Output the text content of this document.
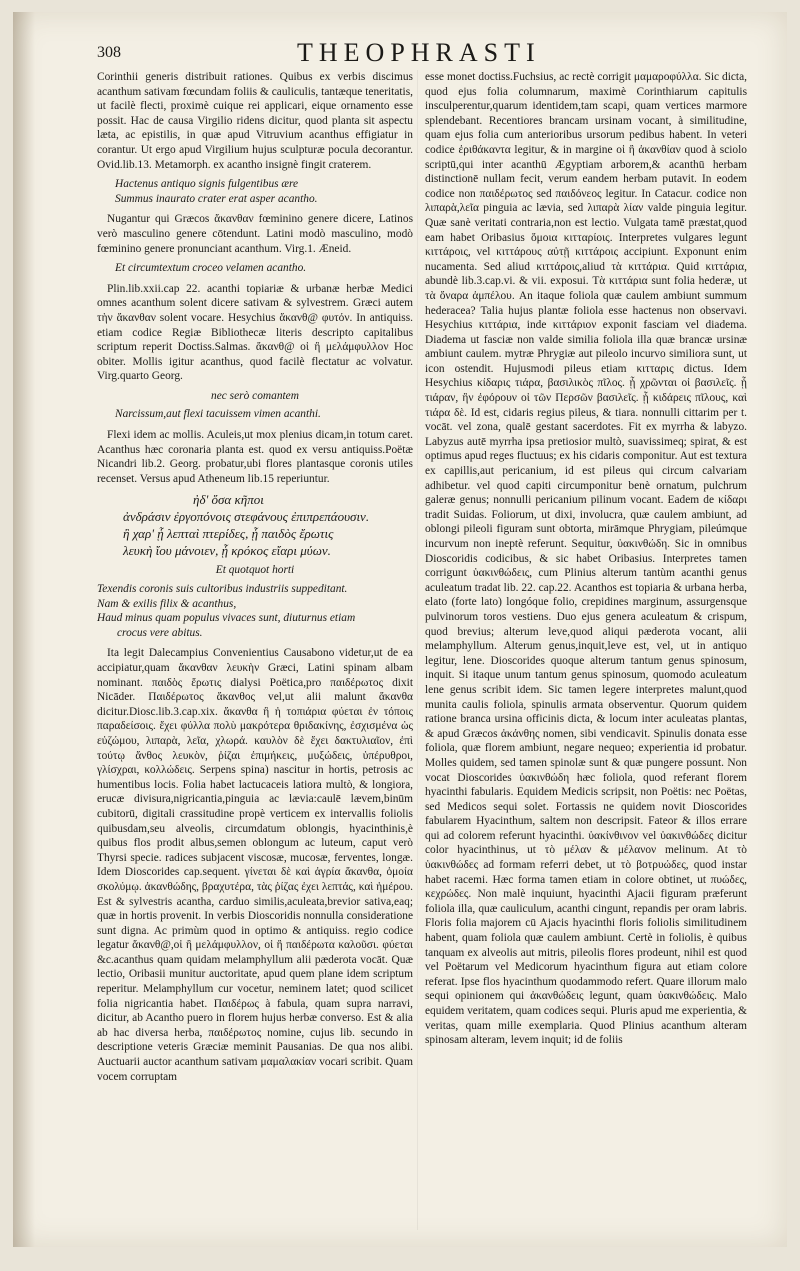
308	THEOPHRASTI

Corinthii generis distribuit rationes. Quibus ex verbis discimus acanthum sativam fœcundam foliis & cauliculis, tantæque teneritatis, ut facilè flecti, proximè cuique rei applicari, eique ornamento esse possit. Hac de causa Virgilio ridens dicitur, quod planta sit aspectu læta, ac epistilis, in quæ apud Vitruvium acanthus effigiatur in corantur. Ut ergo apud Virgilium hujus sculpturæ pocula decorantur. Ovid.lib.13. Metamorph. ex acantho insignè fingit craterem.

Hactenus antiquo signis fulgentibus ære
Summus inaurato crater erat asper acantho.

Nugantur qui Græcos ἄκανθαν fœminino genere dicere, Latinos verò masculino genere cōtendunt. Latini modò masculino, modò fœminino genere pronunciant acanthum. Virg.1. Æneid.

Et circumtextum croceo velamen acantho.

Plin.lib.xxii.cap 22. acanthi topiariæ & urbanæ herbæ Medici omnes acanthum solent dicere sativam & sylvestrem. Græci autem τὴν ἄκανθαν solent vocare. Hesychius ἄκανθ@ φυτόν. In antiquiss. etiam codice Regiæ Bibliothecæ literis descripto capitalibus scriptum reperit Doctiss.Salmas. ἄκανθ@ οἱ ἢ μελάμφυλλον Hoc obiter. Mollis igitur acanthus, quod facilè flectatur ac volvatur. Virg.quarto Georg.

nec serò comantem
Narcissum,aut flexi tacuissem vimen acanthi.

Flexi idem ac mollis. Aculeis,ut mox plenius dicam,in totum caret. Acanthus hæc coronaria planta est. quod ex versu antiquiss.Poëtæ Nicandri lib.2. Georg. probatur,ubi flores plantasque coronis utiles recenset. Versus apud Atheneum lib.15 reperiuntur.

ἠδ' ὅσα κῆποι
ἀνδράσιν ἐργοπόνοις στεφάνους ἐπιπρεπάουσιν.
ἢ χαρ' ᾗ λεπταὶ πτερίδες, ᾗ παιδὸς ἔρωτις
λευκὴ ἴου μάνοιεν, ᾗ κρόκος εἴαρι μύων.
Et quotquot horti
Texendis coronis suis cultoribus industriis suppeditant.
Nam & exilis filix & acanthus,
Haud minus quam populus vivaces sunt, diuturnus etiam
crocus vere abitus.

Ita legit Dalecampius Convenientius Causabono videtur,ut de ea accipiatur,quam ἄκανθαν λευκὴν Græci, Latini spinam albam nominant. παιδὸς ἔρωτις dialysi Poëtica,pro παιδέρωτος dixit Nicāder. Παιδέρωτος ἄκανθος vel,ut alii malunt ἄκανθα dicitur.Diosc.lib.3.cap.xix. ἄκανθα ἢ ἡ τοπιάρια φύεται ἐν τόποις παραδείσοις. ἔχει φύλλα πολὺ μακρότερα θριδακίνης, ἐσχισμένα ὡς εὐζώμου, λιπαρὰ, λεῖα, χλωρά. καυλὸν δὲ ἔχει δακτυλιαῖον, ἐπὶ τούτῳ ἄνθος λευκὸν, ῥίζαι ἐπιμήκεις, μυξώδεις, ὑπέρυθροι, γλίσχραι, κολλώδεις. Serpens spina) nascitur in hortis, petrosis ac humentibus locis. Folia habet lactucaceis latiora multò, & longiora, erucæ divisura,nigricantia,pinguia ac lævia:caulē lævem,binūm cubitorū, digitali crassitudine propè verticem ex intervallis foliolis quibusdam,seu alveolis, circumdatum oblongis, hyacinthinis,è quibus flos prodit albus,semen oblongum ac luteum, caput verò Thyrsi specie. radices subjacent viscosæ, mucosæ, ferventes, longæ. Idem Dioscorides cap.sequent. γίνεται δὲ καὶ ἀγρία ἄκανθα, ὁμοία σκολύμῳ. ἀκανθώδης, βραχυτέρα, τὰς ῥίζας ἐχει λεπτάς, καὶ ἡμέρου. Est & sylvestris acantha, carduo similis,aculeata,brevior sativa,eaq; quæ in hortis provenit. In verbis Dioscoridis nonnulla consideratione sunt digna. Ac primùm quod in optimo & antiquiss. regio codice legatur ἄκανθ@,οἱ ἢ μελάμφυλλον, οἱ ἢ παιδέρωτα καλοῦσι. φύεται &c.acanthus quam quidam melamphyllum alii pæderota vocāt. Quæ lectio, Oribasii munitur auctoritate, apud quem plane idem scriptum reperitur. Melamphyllum cur vocetur, neminem latet; quod scilicet folia nigricantia habet. Παιδέρως à fabula, quam supra narravi, dicitur, ab Acantho puero in florem hujus herbæ converso. Est & alia ab hac diversa herba, παιδέρωτος nomine, cujus lib. secundo in descriptione veteris Græciæ meminit Pausanias. De qua nos alibi. Auctuarii auctor acanthum sativam μαμαλακίαν vocari scribit. Quam vocem corruptam

esse monet doctiss.Fuchsius, ac rectè corrigit μαμαροφύλλα. Sic dicta, quod ejus folia columnarum, maximè Corinthiarum capitulis insculperentur,quarum identidem,tam scapi, quam vertices marmore splendebant. Recentiores brancam ursinam vocant, à similitudine, quam ejus folia cum anterioribus ursorum pedibus habent. In veteri codice ἐριθάκαντα legitur, & in margine οἱ ἢ ἀκανθίαν quod à sciolo scriptū,qui inter acanthū Ægyptiam arborem,& acanthū herbam distinctionē nullam fecit, verum eandem herbam putavit. In eodem codice non παιδέρωτος sed παιδόνεος legitur. In Catacur. codice non λιπαρὰ,λεῖα pinguia ac lævia, sed λιπαρὰ λίαν valde pinguia legitur. Quæ sanè veritati contraria,non est lectio. Vulgata tamē præstat,quod eam habet Oribasius ὅμοια κιτταρίοις. Interpretes vulgares legunt κιττάροις, vel κιττάρους αὐτῇ κιττάροις accipiunt. Exponunt enim nucamenta. Sed aliud κιττάροις,aliud τὰ κιττάρια. Quid κιττάρια, abundè lib.3.cap.vi. & vii. exposui. Τὰ κιττάρια sunt folia hederæ, ut τὰ ὄναρα ἀμπέλου. An itaque foliola quæ caulem ambiunt summum hederacea? Talia hujus plantæ foliola esse hactenus non observavi. Hesychius κιττάρια, inde κιττάριον exponit fasciam vel diadema. Diadema ut fasciæ non valde similia foliola illa quæ brancæ ursinæ ambiunt caulem. mytræ Phrygiæ aut pileolo incurvo similiora sunt, ut icon ostendit. Hujusmodi pileus etiam κιτταρις dictus. Idem Hesychius κίδαρις τιάρα, βασιλικὸς πῖλος. ᾗ χρῶνται οἱ βασιλεῖς. ᾗ τιάραν, ἣν ἐφόρουν οἱ τῶν Περσῶν βασιλεῖς. ᾗ κιδάρεις πῖλους, καὶ τιάρα δὲ. Id est, cidaris regius pileus, & tiara. nonnulli cittarim per t. vocāt. vel zona, qualē gestant sacerdotes. Fit ex myrrha & labyzo. Labyzus autē myrrha ipsa pretiosior multò, suavissimeq; spirat, & est optimus apud reges fluctuus; ex his cidaris componitur. Aut est textura ex capillis,aut pericanium, id est pileus qui circum calvariam adhibetur. vel quod capiti circumponitur benè ornatum, pulchrum galeræ genus; nonnulli pericanium pilinum vocant. Eadem de κίδαρι tradit Suidas. Foliorum, ut dixi, involucra, quæ caulem ambiunt, ad oblongi pileoli figuram sunt obtorta, mirāmque Phrygiam, pileúmque incurvum non ineptè referunt. Sequitur, ὑακινθώδη. Sic in omnibus Dioscoridis codicibus, & sic habet Oribasius. Interpretes tamen corrigunt ὑακινθώδεις, cum Plinius alterum tantùm acanthi genus aculeatum tradat lib. 22. cap.22. Acanthos est topiaria & urbana herba, elato (forte lato) longóque folio, crepidines marginum, assurgensque pulvinorum toros vestiens. Duo ejus genera aculeatum & crispum, quod brevius; alterum leve,quod aliqui pæderota vocant, alii melamphyllum. Alterum genus,inquit,leve est, vel, ut in antiquo legitur, lene. Dioscorides quoque alterum tantum genus spinosum, inquit. Si itaque unum tantum genus spinosum, quomodo aculeatum lene genus scribit idem. Sic tamen legere interpretes malunt,quod munita caulis foliola, spinulis armata observentur. Quorum quidem ratione branca ursina officinis dicta, & locum inter aculeatas plantas, & apud Græcos ἀκάνθης nomen, sibi vendicavit. Spinulis donata esse foliola, quæ florem ambiunt, negare nequeo; experientia id probatur. Molles quidem, sed tamen spinolæ sunt & quæ pungere possunt. Non vocat Dioscorides ὑακινθώδη hæc foliola, quod referant florem hyacinthi fabularis. Equidem Medicis scripsit, non Poëtis: nec Poëtas, sed Medicos sequi solet. Fortassis ne quidem novit Dioscorides fabularem Hyacinthum, saltem non descripsit. Fateor & illos errare qui ad colorem referunt hyacinthi. ὑακίνθινον vel ὑακινθώδες dicitur color hyacinthinus, ut τὸ μέλαν & μέλανον melinum. At τὸ ὑακινθώδες ad formam referri debet, ut τὸ βοτρυώδες, quod instar habet racemi. Hæc forma tamen etiam in colore obtinet, ut πυώδες, κεχρώδες. Non malè inquiunt, hyacinthi Ajacii figuram præferunt foliola illa, quæ cauliculum, acanthi cingunt, repandis per oram labris. Floris folia majorem cū Ajacis hyacinthi floris foliolis similitudinem habent, quam foliola quæ caulem ambiunt. Certè in foliolis, è quibus tanquam ex alveolis aut mitris, pileolis flores prodeunt, nihil est quod vel Poëtarum vel Medicorum hyacinthum figura aut etiam colore referat. Ipse flos hyacinthum quodammodo refert. Quare illorum malo sequi opinionem qui ἀκανθώδεις legunt, quam ὑακινθώδεις. Malo equidem veritatem, quam codices sequi. Pluris apud me experientia, & veritas, quam mille exemplaria. Quod Plinius acanthum alteram spinosam alteram, levem inquit; id de foliis
